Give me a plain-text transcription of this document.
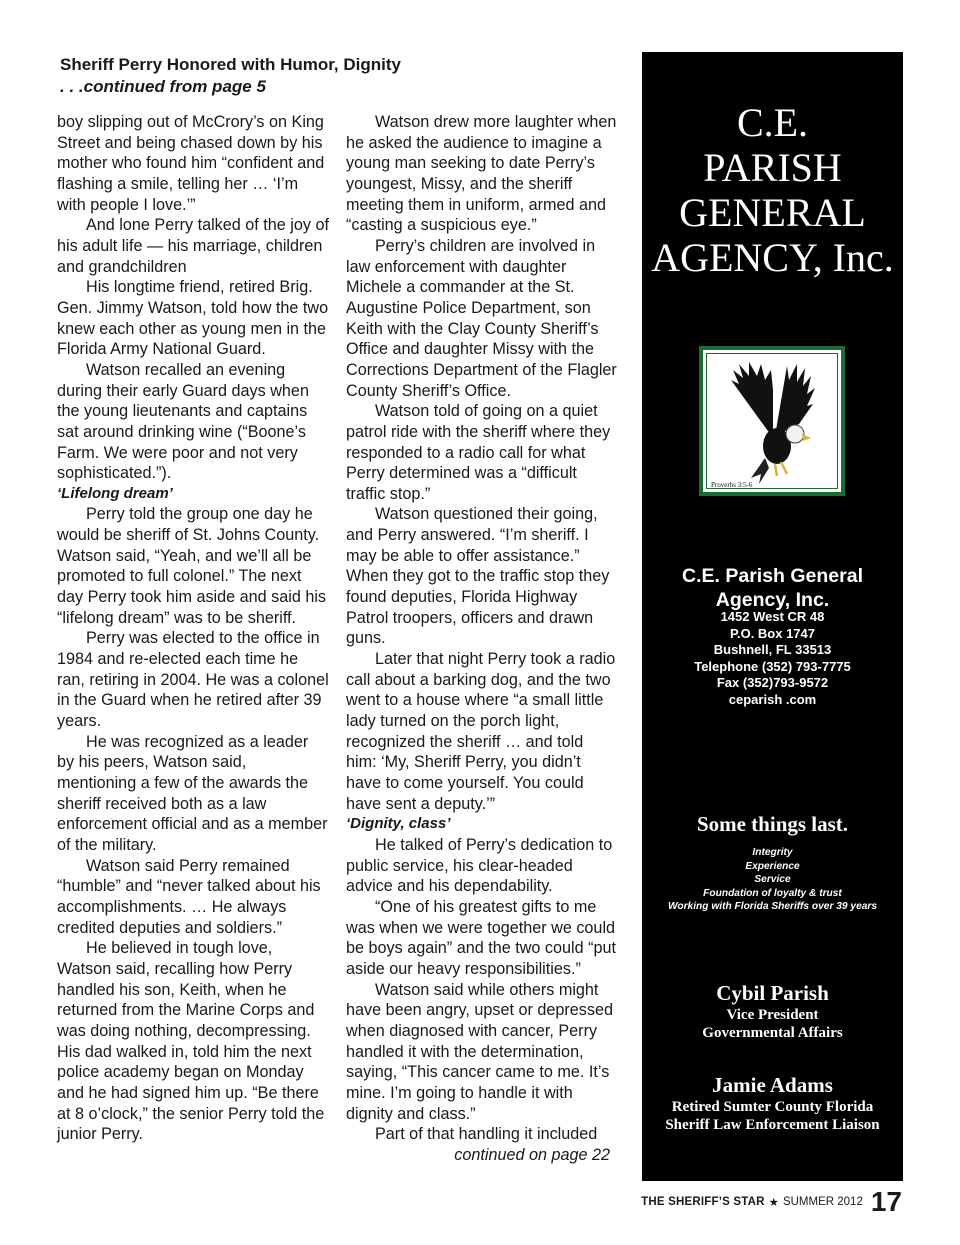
Sheriff Perry Honored with Humor, Dignity
. . .continued from page 5

boy slipping out of McCrory’s on King Street and being chased down by his mother who found him “confident and flashing a smile, telling her … ‘I’m with people I love.’”

And lone Perry talked of the joy of his adult life — his marriage, children and grandchildren

His longtime friend, retired Brig. Gen. Jimmy Watson, told how the two knew each other as young men in the Florida Army National Guard.

Watson recalled an evening during their early Guard days when the young lieutenants and captains sat around drinking wine (“Boone’s Farm. We were poor and not very sophisticated.”).

‘Lifelong dream’

Perry told the group one day he would be sheriff of St. Johns County. Watson said, “Yeah, and we’ll all be promoted to full colonel.” The next day Perry took him aside and said his “lifelong dream” was to be sheriff.

Perry was elected to the office in 1984 and re-elected each time he ran, retiring in 2004. He was a colonel in the Guard when he retired after 39 years.

He was recognized as a leader by his peers, Watson said, mentioning a few of the awards the sheriff received both as a law enforcement official and as a member of the military.

Watson said Perry remained “humble” and “never talked about his accomplishments. … He always credited deputies and soldiers.”

He believed in tough love, Watson said, recalling how Perry handled his son, Keith, when he returned from the Marine Corps and was doing nothing, decompressing. His dad walked in, told him the next police academy began on Monday and he had signed him up. “Be there at 8 o’clock,” the senior Perry told the junior Perry.

Watson drew more laughter when he asked the audience to imagine a young man seeking to date Perry’s youngest, Missy, and the sheriff meeting them in uniform, armed and “casting a suspicious eye.”

Perry’s children are involved in law enforcement with daughter Michele a commander at the St. Augustine Police Department, son Keith with the Clay County Sheriff’s Office and daughter Missy with the Corrections Department of the Flagler County Sheriff’s Office.

Watson told of going on a quiet patrol ride with the sheriff where they responded to a radio call for what Perry determined was a “difficult traffic stop.”

Watson questioned their going, and Perry answered. “I’m sheriff. I may be able to offer assistance.” When they got to the traffic stop they found deputies, Florida Highway Patrol troopers, officers and drawn guns.

Later that night Perry took a radio call about a barking dog, and the two went to a house where “a small little lady turned on the porch light, recognized the sheriff … and told him: ‘My, Sheriff Perry, you didn’t have to come yourself. You could have sent a deputy.’”

‘Dignity, class’

He talked of Perry’s dedication to public service, his clear-headed advice and his dependability.

“One of his greatest gifts to me was when we were together we could be boys again” and the two could “put aside our heavy responsibilities.”

Watson said while others might have been angry, upset or depressed when diagnosed with cancer, Perry handled it with the determination, saying, “This cancer came to me. It’s mine. I’m going to handle it with dignity and class.”

Part of that handling it included

continued on page 22

C.E.
PARISH
GENERAL
AGENCY, Inc.
Proverbs 3:5-6
C.E. Parish General
Agency, Inc.
1452 West CR 48
P.O. Box 1747
Bushnell, FL 33513
Telephone (352) 793-7775
Fax (352)793-9572
ceparish .com
Some things last.
Integrity
Experience
Service
Foundation of loyalty & trust
Working with Florida Sheriffs over 39 years
Cybil Parish
Vice President
Governmental Affairs
Jamie Adams
Retired Sumter County Florida
Sheriff Law Enforcement Liaison
THE SHERIFF’S STAR ★ SUMMER 2012 17
